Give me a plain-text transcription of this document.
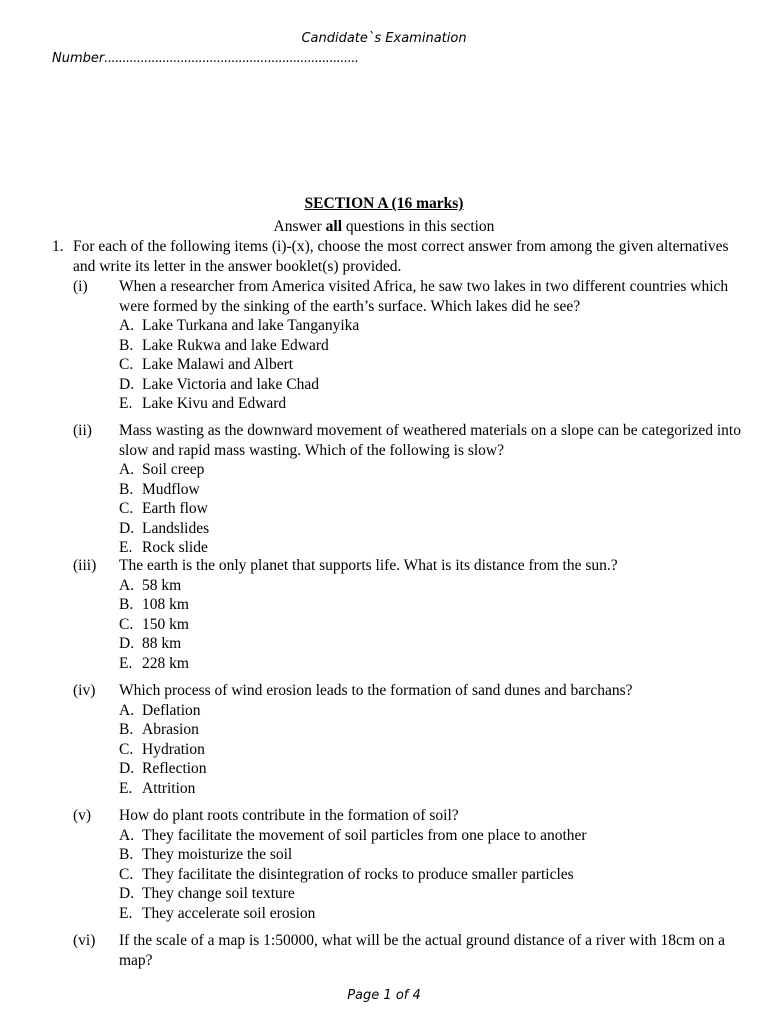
Candidate`s Examination
Number......................................................................
SECTION A (16 marks)
Answer all questions in this section
1. For each of the following items (i)-(x), choose the most correct answer from among the given alternatives and write its letter in the answer booklet(s) provided.
(i) When a researcher from America visited Africa, he saw two lakes in two different countries which were formed by the sinking of the earth’s surface. Which lakes did he see?
A. Lake Turkana and lake Tanganyika
B. Lake Rukwa and lake Edward
C. Lake Malawi and Albert
D. Lake Victoria and lake Chad
E. Lake Kivu and Edward
(ii) Mass wasting as the downward movement of weathered materials on a slope can be categorized into slow and rapid mass wasting. Which of the following is slow?
A. Soil creep
B. Mudflow
C. Earth flow
D. Landslides
E. Rock slide
(iii) The earth is the only planet that supports life. What is its distance from the sun.?
A. 58 km
B. 108 km
C. 150 km
D. 88 km
E. 228 km
(iv) Which process of wind erosion leads to the formation of sand dunes and barchans?
A. Deflation
B. Abrasion
C. Hydration
D. Reflection
E. Attrition
(v) How do plant roots contribute in the formation of soil?
A. They facilitate the movement of soil particles from one place to another
B. They moisturize the soil
C. They facilitate the disintegration of rocks to produce smaller particles
D. They change soil texture
E. They accelerate soil erosion
(vi) If the scale of a map is 1:50000, what will be the actual ground distance of a river with 18cm on a map?
Page 1 of 4
